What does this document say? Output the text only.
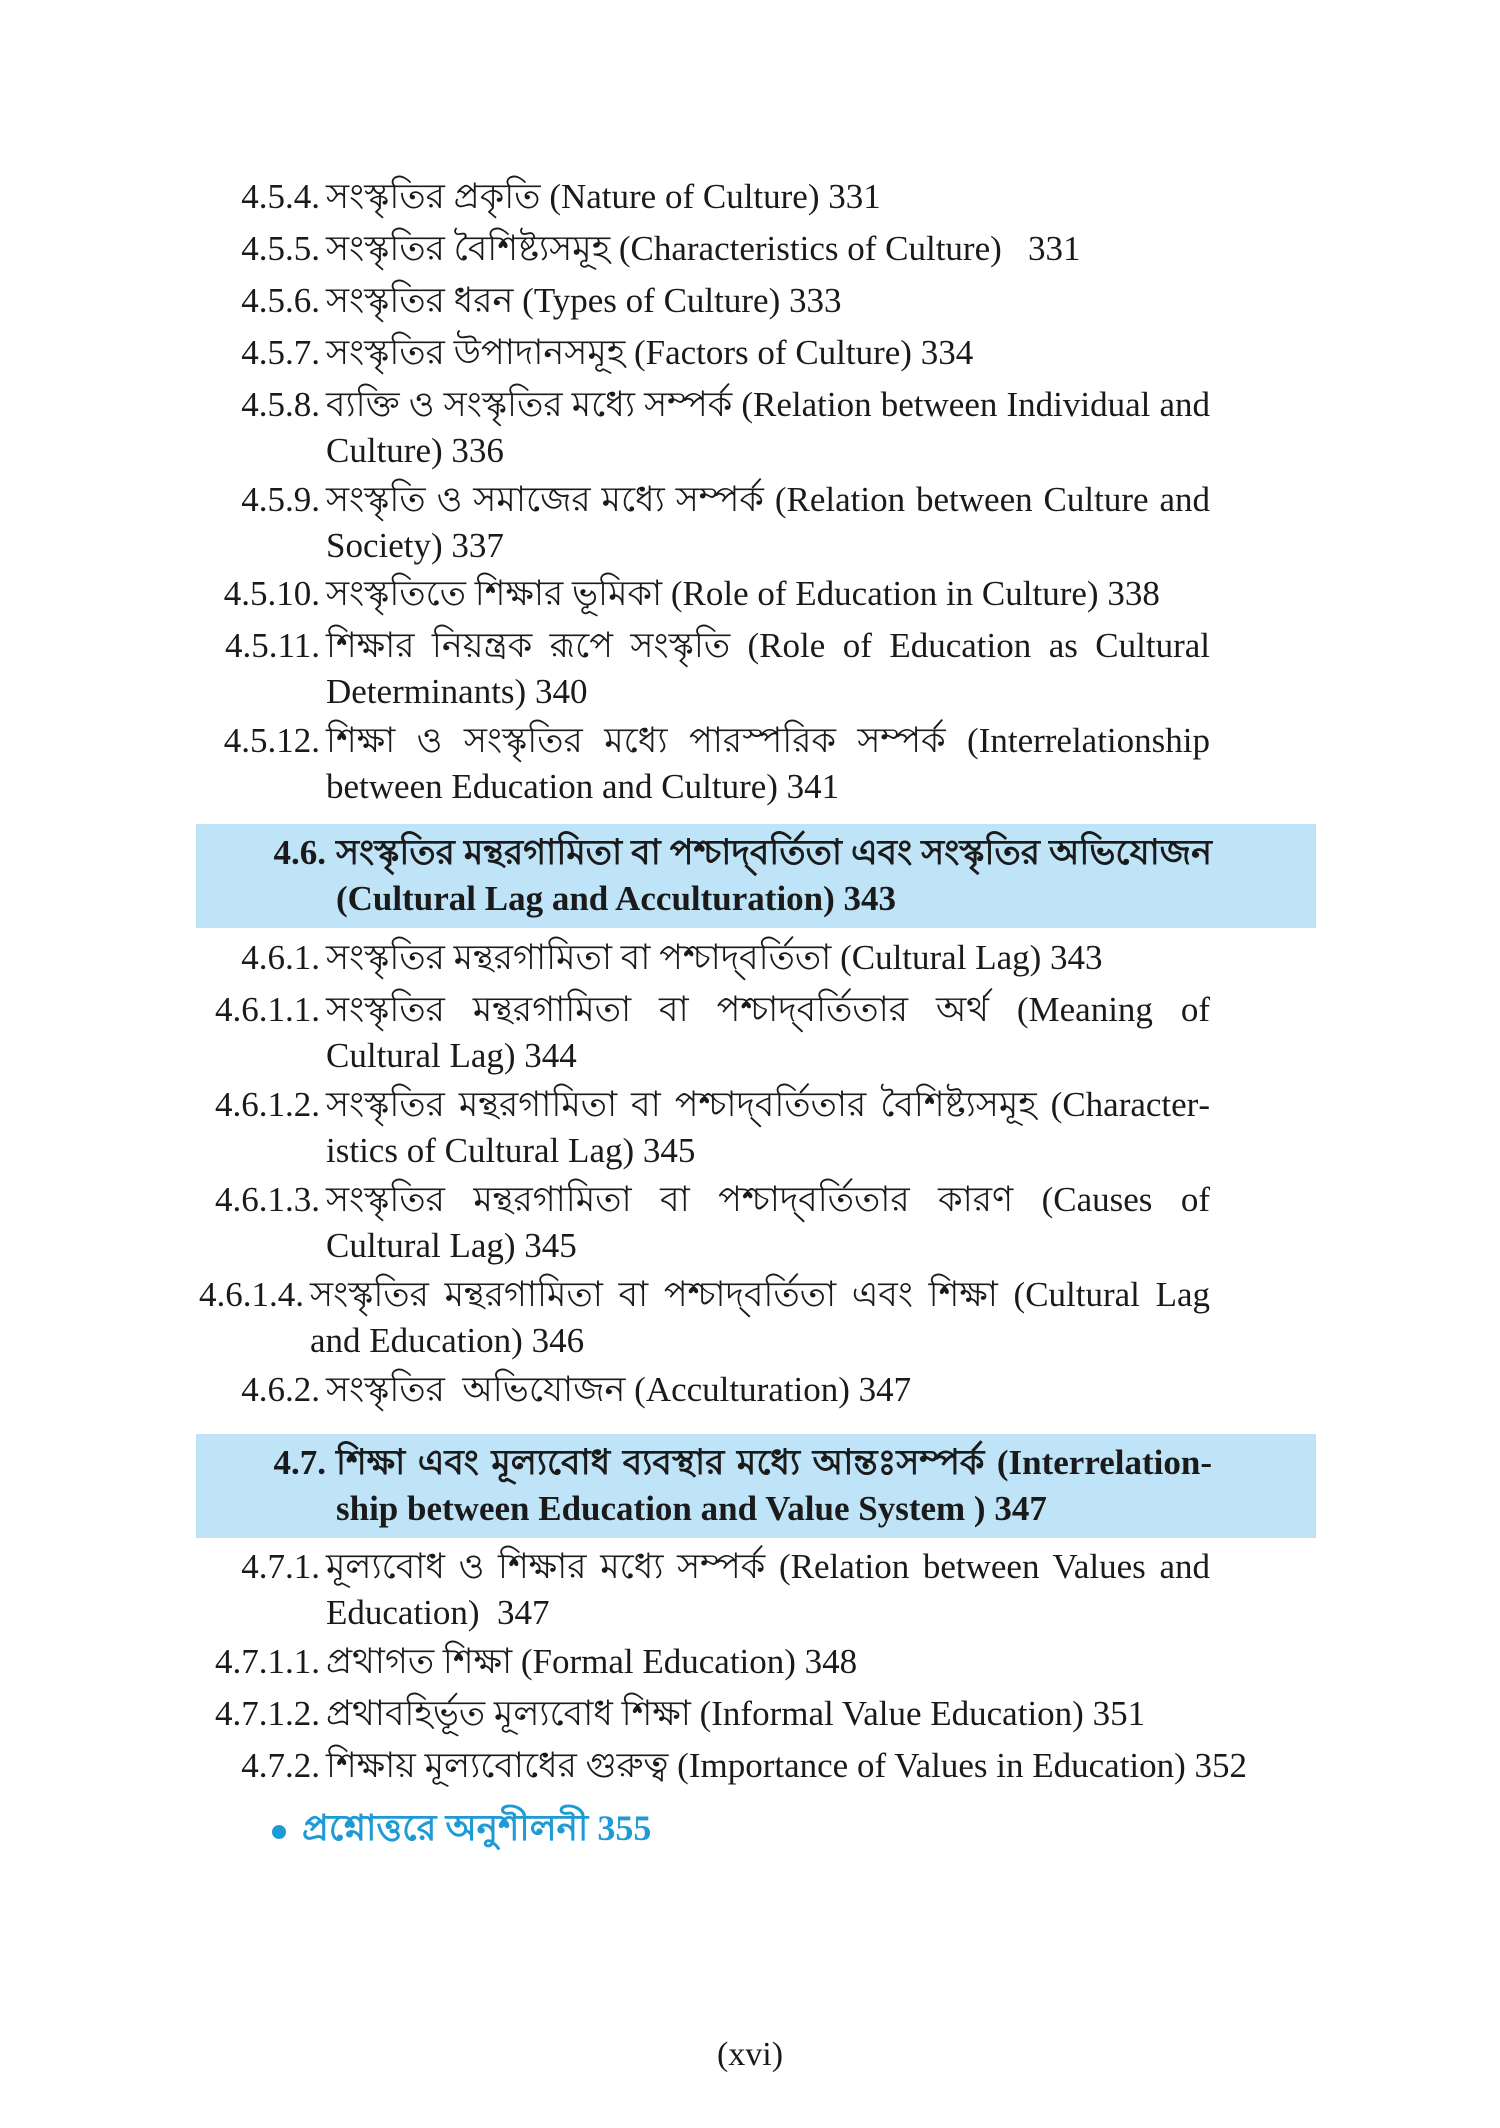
4.5.4. সংস্কৃতির প্রকৃতি (Nature of Culture) 331
4.5.5. সংস্কৃতির বৈশিষ্ট্যসমূহ (Characteristics of Culture)   331
4.5.6. সংস্কৃতির ধরন (Types of Culture) 333
4.5.7. সংস্কৃতির উপাদানসমূহ (Factors of Culture) 334
4.5.8. ব্যক্তি ও সংস্কৃতির মধ্যে সম্পর্ক (Relation between Individual and Culture) 336
4.5.9. সংস্কৃতি ও সমাজের মধ্যে সম্পর্ক (Relation between Culture and Society) 337
4.5.10. সংস্কৃতিতে শিক্ষার ভূমিকা (Role of Education in Culture) 338
4.5.11. শিক্ষার নিয়ন্ত্রক রূপে সংস্কৃতি (Role of Education as Cultural Determinants) 340
4.5.12. শিক্ষা ও সংস্কৃতির মধ্যে পারস্পরিক সম্পর্ক (Interrelationship between Education and Culture) 341
4.6. সংস্কৃতির মন্থরগামিতা বা পশ্চাদ্‌বর্তিতা এবং সংস্কৃতির অভিযোজন (Cultural Lag and Acculturation) 343
4.6.1. সংস্কৃতির মন্থরগামিতা বা পশ্চাদ্‌বর্তিতা (Cultural Lag) 343
4.6.1.1. সংস্কৃতির মন্থরগামিতা বা পশ্চাদ্‌বর্তিতার অর্থ (Meaning of Cultural Lag) 344
4.6.1.2. সংস্কৃতির মন্থরগামিতা বা পশ্চাদ্‌বর্তিতার বৈশিষ্ট্যসমূহ (Characteristics of Cultural Lag) 345
4.6.1.3. সংস্কৃতির মন্থরগামিতা বা পশ্চাদ্‌বর্তিতার কারণ (Causes of Cultural Lag) 345
4.6.1.4. সংস্কৃতির মন্থরগামিতা বা পশ্চাদ্‌বর্তিতা এবং শিক্ষা (Cultural Lag and Education) 346
4.6.2. সংস্কৃতির  অভিযোজন (Acculturation) 347
4.7. শিক্ষা এবং মূল্যবোধ ব্যবস্থার মধ্যে আন্তঃসম্পর্ক (Interrelationship between Education and Value System ) 347
4.7.1. মূল্যবোধ ও শিক্ষার মধ্যে সম্পর্ক (Relation between Values and Education)  347
4.7.1.1. প্রথাগত শিক্ষা (Formal Education) 348
4.7.1.2. প্রথাবহির্ভূত মূল্যবোধ শিক্ষা (Informal Value Education) 351
4.7.2. শিক্ষায় মূল্যবোধের গুরুত্ব (Importance of Values in Education) 352
প্রশ্নোত্তরে অনুশীলনী 355
(xvi)
